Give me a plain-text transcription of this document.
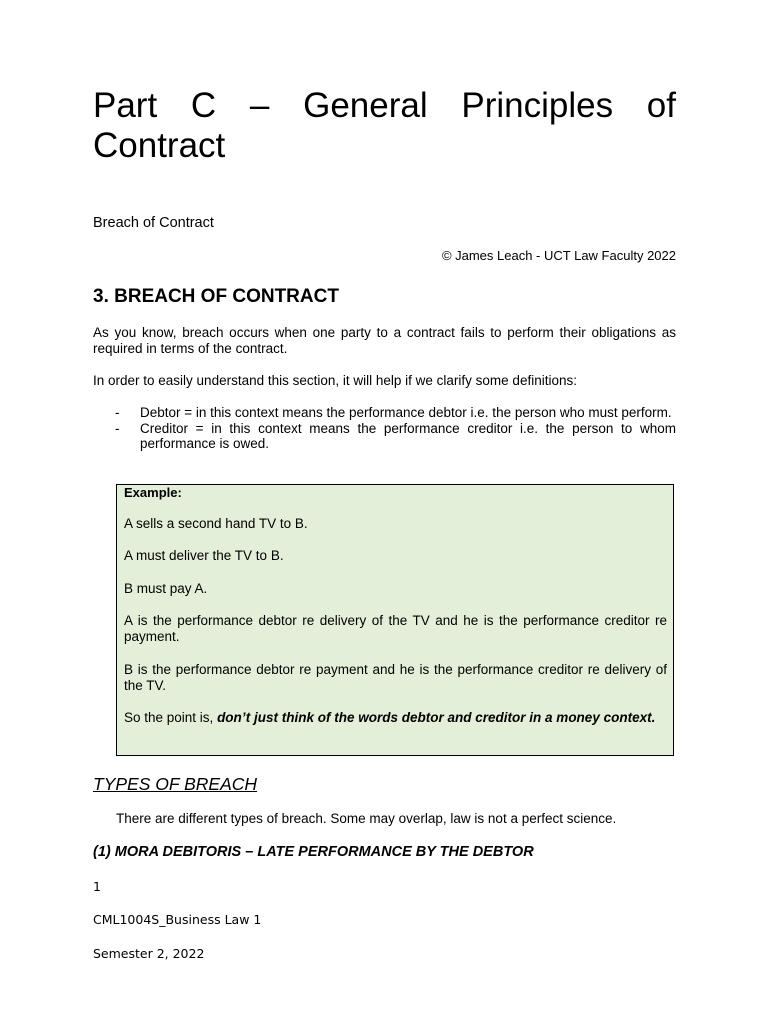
Part C – General Principles of Contract
Breach of Contract
© James Leach - UCT Law Faculty 2022
3. BREACH OF CONTRACT

As you know, breach occurs when one party to a contract fails to perform their obligations as required in terms of the contract.

In order to easily understand this section, it will help if we clarify some definitions:

- Debtor = in this context means the performance debtor i.e. the person who must perform.
- Creditor = in this context means the performance creditor i.e. the person to whom performance is owed.
Example:

A sells a second hand TV to B.

A must deliver the TV to B.

B must pay A.

A is the performance debtor re delivery of the TV and he is the performance creditor re payment.

B is the performance debtor re payment and he is the performance creditor re delivery of the TV.

So the point is, don’t just think of the words debtor and creditor in a money context.

TYPES OF BREACH
There are different types of breach. Some may overlap, law is not a perfect science.
(1) MORA DEBITORIS – LATE PERFORMANCE BY THE DEBTOR
1
CML1004S_Business Law 1
Semester 2, 2022
